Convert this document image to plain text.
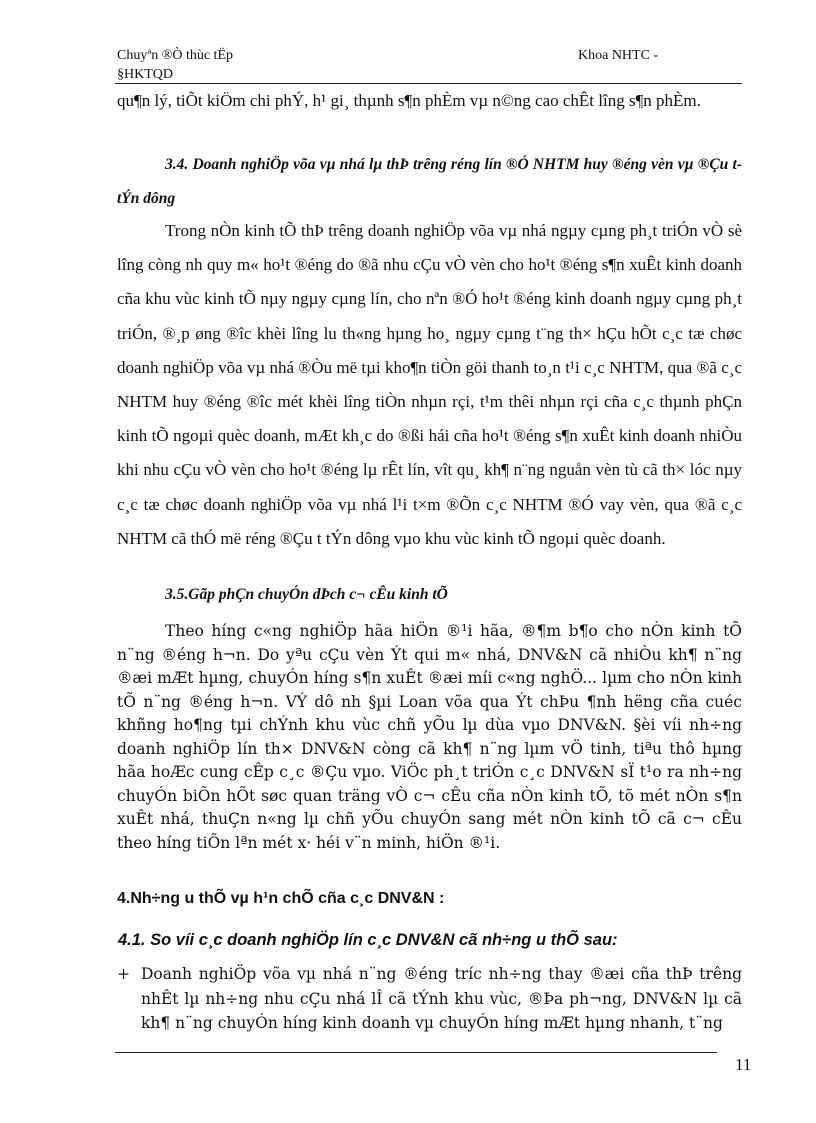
Chuyªn ®Ò thùc tËp
§HKTQD
Khoa NHTC -
qu¶n lý, tiÕt kiÖm chi phÝ, h¹ gi¸ thµnh s¶n phÈm vµ n©ng cao chÊt lîng s¶n phÈm.
3.4. Doanh nghiÖp võa vµ nhá lµ thÞ trêng réng lín ®Ó NHTM huy ®éng vèn vµ ®Çu t tÝn dông
Trong nÒn kinh tÕ thÞ trêng doanh nghiÖp võa vµ nhá ngµy cµng ph¸t triÓn vÒ sè lîng còng nh quy m« ho¹t ®éng do ®ã nhu cÇu vÒ vèn cho ho¹t ®éng s¶n xuÊt kinh doanh cña khu vùc kinh tÕ nµy ngµy cµng lín, cho nªn ®Ó ho¹t ®éng kinh doanh ngµy cµng ph¸t triÓn, ®¸p øng ®îc khèi lîng lu th«ng hµng ho¸ ngµy cµng t¨ng th× hÇu hÕt c¸c tæ chøc doanh nghiÖp võa vµ nhá ®Òu më tµi kho¶n tiÒn göi thanh to¸n t¹i c¸c NHTM, qua ®ã c¸c NHTM huy ®éng ®îc mét khèi lîng tiÒn nhµn rçi, t¹m thêi nhµn rçi cña c¸c thµnh phÇn kinh tÕ ngoµi quèc doanh, mÆt kh¸c do ®ßi hái cña ho¹t ®éng s¶n xuÊt kinh doanh nhiÒu khi nhu cÇu vÒ vèn cho ho¹t ®éng lµ rÊt lín, vît qu¸ kh¶ n¨ng nguån vèn tù cã th× lóc nµy c¸c tæ chøc doanh nghiÖp võa vµ nhá l¹i t×m ®Õn c¸c NHTM ®Ó vay vèn, qua ®ã c¸c NHTM cã thÓ më réng ®Çu t tÝn dông vµo khu vùc kinh tÕ ngoµi quèc doanh.
3.5.Gãp phÇn chuyÓn dÞch c¬ cÊu kinh tÕ
Theo híng c«ng nghiÖp hãa hiÖn ®¹i hãa, ®¶m b¶o cho nÒn kinh tÕ n¨ng ®éng h¬n. Do yªu cÇu vèn Ýt qui m« nhá, DNV&N cã nhiÒu kh¶ n¨ng ®æi mÆt hµng, chuyÓn híng s¶n xuÊt ®æi míi c«ng nghÖ... lµm cho nÒn kinh tÕ n¨ng ®éng h¬n. VÝ dô nh §µi Loan võa qua Ýt chÞu ¶nh hëng cña cuéc khñng ho¶ng tµi chÝnh khu vùc chñ yÕu lµ dùa vµo DNV&N. §èi víi nh÷ng doanh nghiÖp lín th× DNV&N còng cã kh¶ n¨ng lµm vÖ tinh, tiªu thô hµng hãa hoÆc cung cÊp c¸c ®Çu vµo. ViÖc ph¸t triÓn c¸c DNV&N sÏ t¹o ra nh÷ng chuyÓn biÕn hÕt søc quan träng vÒ c¬ cÊu cña nÒn kinh tÕ, tõ mét nÒn s¶n xuÊt nhá, thuÇn n«ng lµ chñ yÕu chuyÓn sang mét nÒn kinh tÕ cã c¬ cÊu theo híng tiÕn lªn mét x· héi v¨n minh, hiÖn ®¹i.
4.Nh÷ng u thÕ vµ h¹n chÕ cña c¸c DNV&N :
4.1. So víi c¸c doanh nghiÖp lín c¸c DNV&N cã nh÷ng u thÕ sau:
+ Doanh nghiÖp võa vµ nhá n¨ng ®éng tríc nh÷ng thay ®æi cña thÞ trêng nhÊt lµ nh÷ng nhu cÇu nhá lÎ cã tÝnh khu vùc, ®Þa ph¬ng, DNV&N lµ cã kh¶ n¨ng chuyÓn híng kinh doanh vµ chuyÓn híng mÆt hµng nhanh, t¨ng
11
